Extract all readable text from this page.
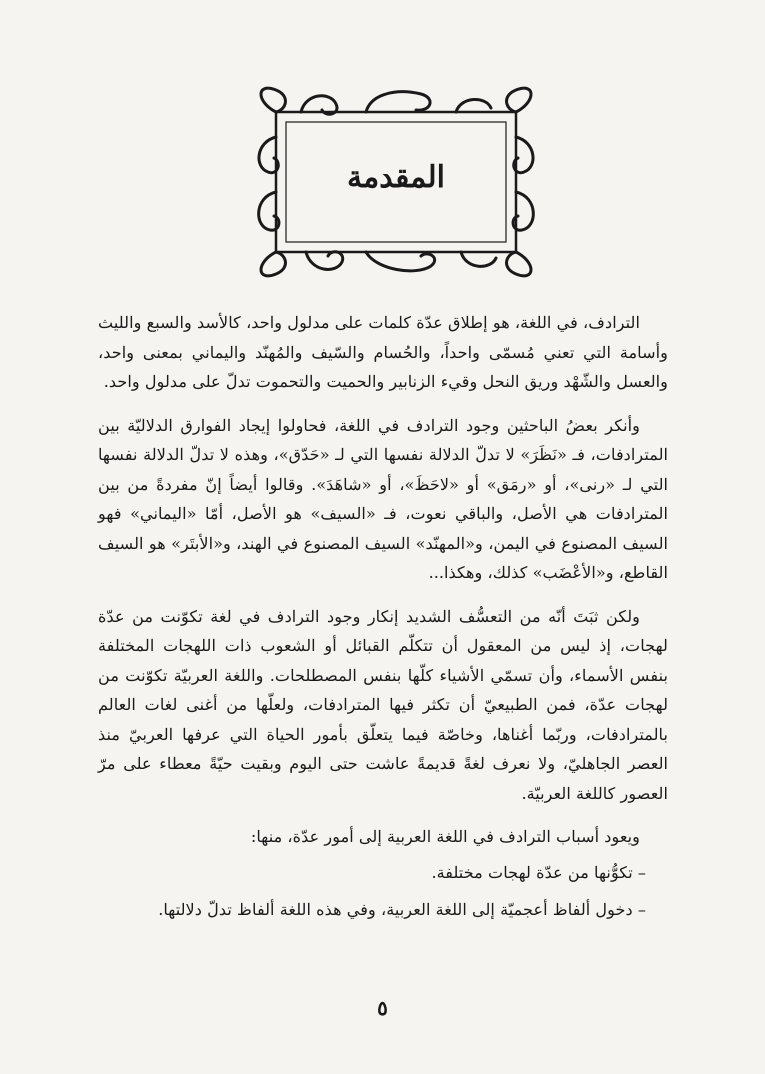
المقدمة

الترادف، في اللغة، هو إطلاق عدّة كلمات على مدلول واحد، كالأسد والسبع والليث وأسامة التي تعني مُسمّى واحداً، والحُسام والسّيف والمُهنّد واليماني بمعنى واحد، والعسل والشّهْد وريق النحل وقيء الزنابير والحميت والتحموت تدلّ على مدلول واحد.

وأنكر بعضُ الباحثين وجود الترادف في اللغة، فحاولوا إيجاد الفوارق الدلاليّة بين المترادفات، فـ «نَظَرَ» لا تدلّ الدلالة نفسها التي لـ «حَدّق»، وهذه لا تدلّ الدلالة نفسها التي لـ «رنى»، أو «رمَق» أو «لاحَظَ»، أو «شاهَدَ». وقالوا أيضاً إنّ مفردةً من بين المترادفات هي الأصل، والباقي نعوت، فـ «السيف» هو الأصل، أمّا «اليماني» فهو السيف المصنوع في اليمن، و«المهنّد» السيف المصنوع في الهند، و«الأبتَر» هو السيف القاطع، و«الأعْضَب» كذلك، وهكذا...

ولكن ثبَتَ أنّه من التعسُّف الشديد إنكار وجود الترادف في لغة تكوّنت من عدّة لهجات، إذ ليس من المعقول أن تتكلّم القبائل أو الشعوب ذات اللهجات المختلفة بنفس الأسماء، وأن تسمّي الأشياء كلّها بنفس المصطلحات. واللغة العربيّة تكوّنت من لهجات عدّة، فمن الطبيعيّ أن تكثر فيها المترادفات، ولعلّها من أغنى لغات العالم بالمترادفات، وربّما أغناها، وخاصّة فيما يتعلّق بأمور الحياة التي عرفها العربيّ منذ العصر الجاهليّ، ولا نعرف لغةً قديمةً عاشت حتى اليوم وبقيت حيّةً معطاء على مرّ العصور كاللغة العربيّة.

ويعود أسباب الترادف في اللغة العربية إلى أمور عدّة، منها:

– تكوُّنها من عدّة لهجات مختلفة.

– دخول ألفاظ أعجميّة إلى اللغة العربية، وفي هذه اللغة ألفاظ تدلّ دلالتها.

٥
